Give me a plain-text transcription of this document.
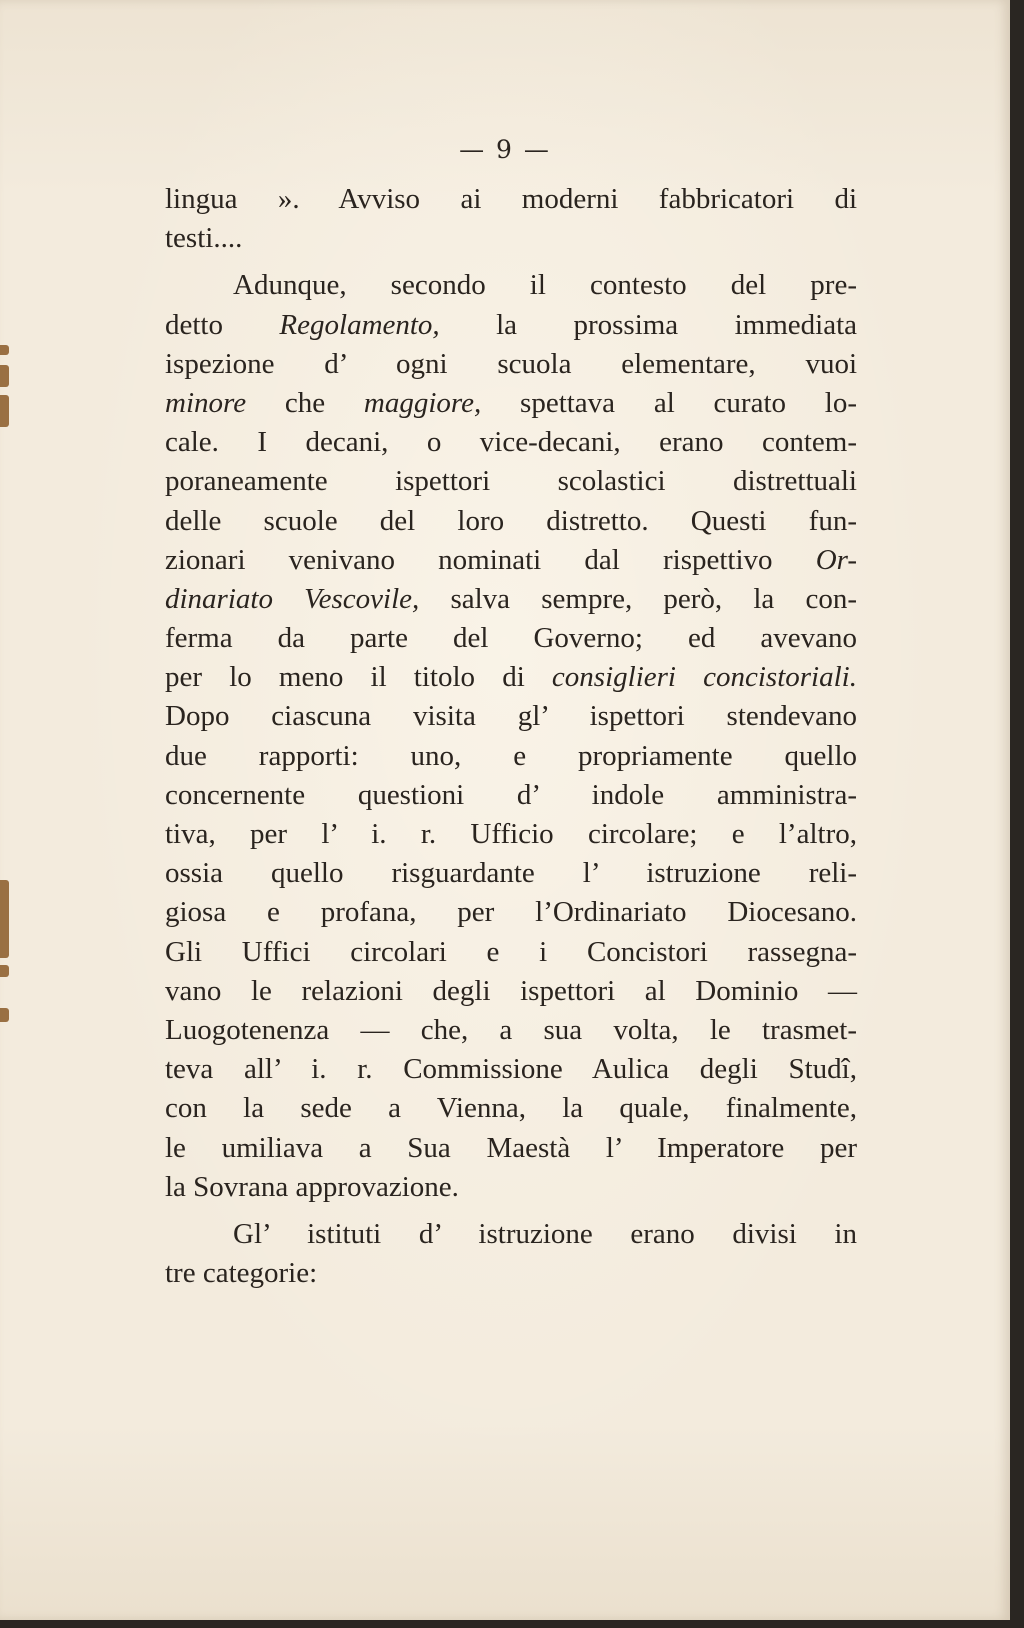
— 9 —
lingua ». Avviso ai moderni fabbricatori di
testi....
Adunque, secondo il contesto del pre-
detto Regolamento, la prossima immediata
ispezione d’ ogni scuola elementare, vuoi
minore che maggiore, spettava al curato lo-
cale. I decani, o vice-decani, erano contem-
poraneamente ispettori scolastici distrettuali
delle scuole del loro distretto. Questi fun-
zionari venivano nominati dal rispettivo Or-
dinariato Vescovile, salva sempre, però, la con-
ferma da parte del Governo; ed avevano
per lo meno il titolo di consiglieri concistoriali.
Dopo ciascuna visita gl’ ispettori stendevano
due rapporti: uno, e propriamente quello
concernente questioni d’ indole amministra-
tiva, per l’ i. r. Ufficio circolare; e l’altro,
ossia quello risguardante l’ istruzione reli-
giosa e profana, per l’Ordinariato Diocesano.
Gli Uffici circolari e i Concistori rassegna-
vano le relazioni degli ispettori al Dominio —
Luogotenenza — che, a sua volta, le trasmet-
teva all’ i. r. Commissione Aulica degli Studî,
con la sede a Vienna, la quale, finalmente,
le umiliava a Sua Maestà l’ Imperatore per
la Sovrana approvazione.
Gl’ istituti d’ istruzione erano divisi in
tre categorie:
